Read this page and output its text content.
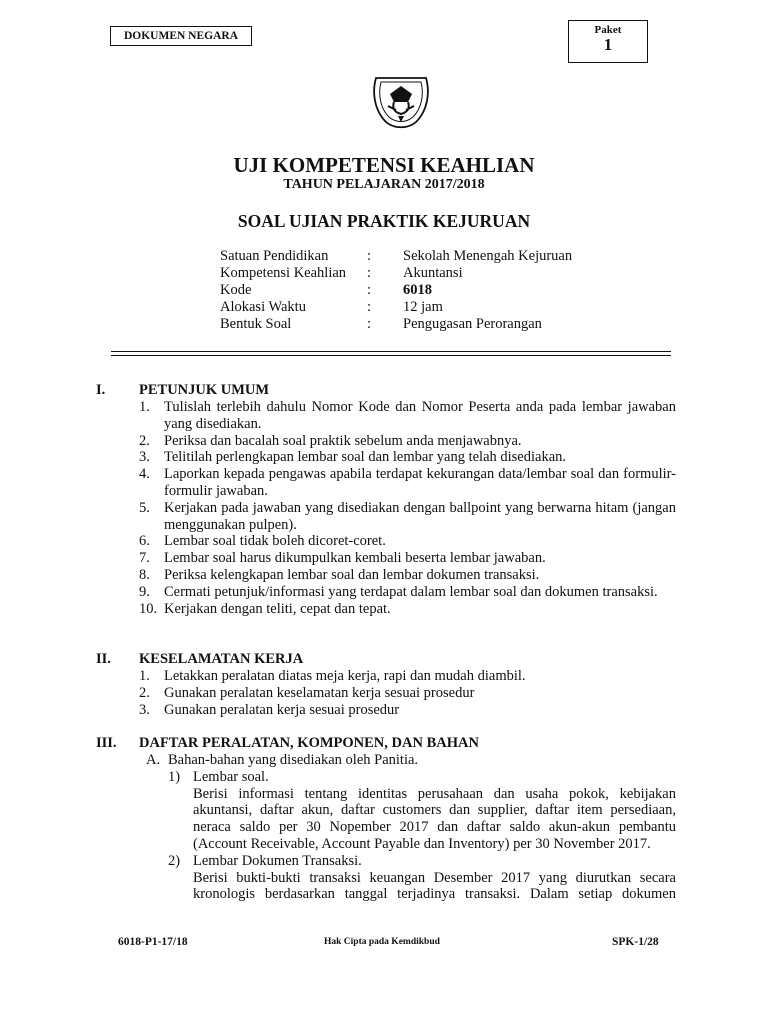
DOKUMEN NEGARA	Paket
1
UJI KOMPETENSI KEAHLIAN
TAHUN PELAJARAN 2017/2018
SOAL UJIAN PRAKTIK KEJURUAN
Satuan Pendidikan	:	Sekolah Menengah Kejuruan
Kompetensi Keahlian	:	Akuntansi
Kode	:	6018
Alokasi Waktu	:	12 jam
Bentuk Soal	:	Pengugasan Perorangan
I. PETUNJUK UMUM
1. Tulislah terlebih dahulu Nomor Kode dan Nomor Peserta anda pada lembar jawaban yang disediakan.
2. Periksa dan bacalah soal praktik sebelum anda menjawabnya.
3. Telitilah perlengkapan lembar soal dan lembar yang telah disediakan.
4. Laporkan kepada pengawas apabila terdapat kekurangan data/lembar soal dan formulir-formulir jawaban.
5. Kerjakan pada jawaban yang disediakan dengan ballpoint yang berwarna hitam (jangan menggunakan pulpen).
6. Lembar soal tidak boleh dicoret-coret.
7. Lembar soal harus dikumpulkan kembali beserta lembar jawaban.
8. Periksa kelengkapan lembar soal dan lembar dokumen transaksi.
9. Cermati petunjuk/informasi yang terdapat dalam lembar soal dan dokumen transaksi.
10. Kerjakan dengan teliti, cepat dan tepat.
II. KESELAMATAN KERJA
1. Letakkan peralatan diatas meja kerja, rapi dan mudah diambil.
2. Gunakan peralatan keselamatan kerja sesuai prosedur
3. Gunakan peralatan kerja sesuai prosedur
III. DAFTAR PERALATAN, KOMPONEN, DAN BAHAN
A. Bahan-bahan yang disediakan oleh Panitia.
1) Lembar soal.
Berisi informasi tentang identitas perusahaan dan usaha pokok, kebijakan akuntansi, daftar akun, daftar customers dan supplier, daftar item persediaan, neraca saldo per 30 Nopember 2017 dan daftar saldo akun-akun pembantu (Account Receivable, Account Payable dan Inventory) per 30 November 2017.
2) Lembar Dokumen Transaksi.
Berisi bukti-bukti transaksi keuangan Desember 2017 yang diurutkan secara kronologis berdasarkan tanggal terjadinya transaksi. Dalam setiap dokumen
6018-P1-17/18	Hak Cipta pada Kemdikbud	SPK-1/28
